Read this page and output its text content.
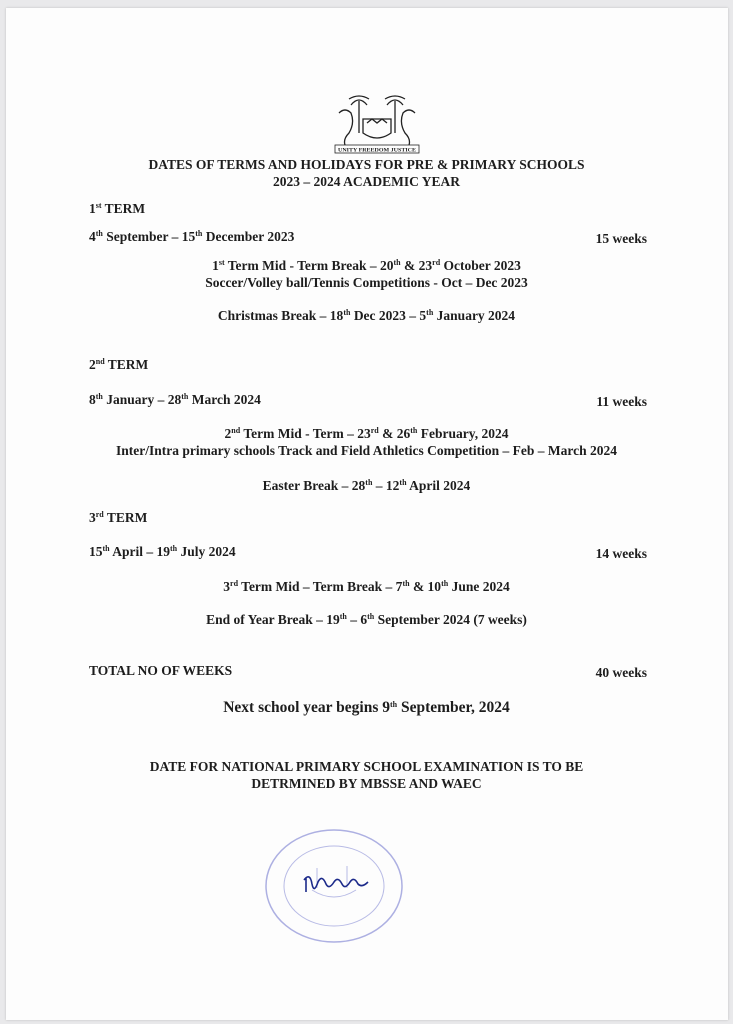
UNITY FREEDOM JUSTICE
DATES OF TERMS AND HOLIDAYS FOR PRE & PRIMARY SCHOOLS
2023 – 2024 ACADEMIC YEAR
1st TERM
4th September – 15th December 2023	15 weeks
1st Term Mid - Term Break – 20th & 23rd October 2023
Soccer/Volley ball/Tennis Competitions - Oct – Dec 2023
Christmas Break – 18th Dec 2023 – 5th January 2024
2nd TERM
8th January – 28th March 2024	11 weeks
2nd Term Mid - Term – 23rd & 26th February, 2024
Inter/Intra primary schools Track and Field Athletics Competition – Feb – March 2024
Easter Break – 28th – 12th April 2024
3rd TERM
15th April – 19th July 2024	14 weeks
3rd Term Mid – Term Break – 7th & 10th June 2024
End of Year Break – 19th – 6th September 2024 (7 weeks)
TOTAL NO OF WEEKS	40 weeks
Next school year begins 9th September, 2024
DATE FOR NATIONAL PRIMARY SCHOOL EXAMINATION IS TO BE
DETRMINED BY MBSSE AND WAEC
